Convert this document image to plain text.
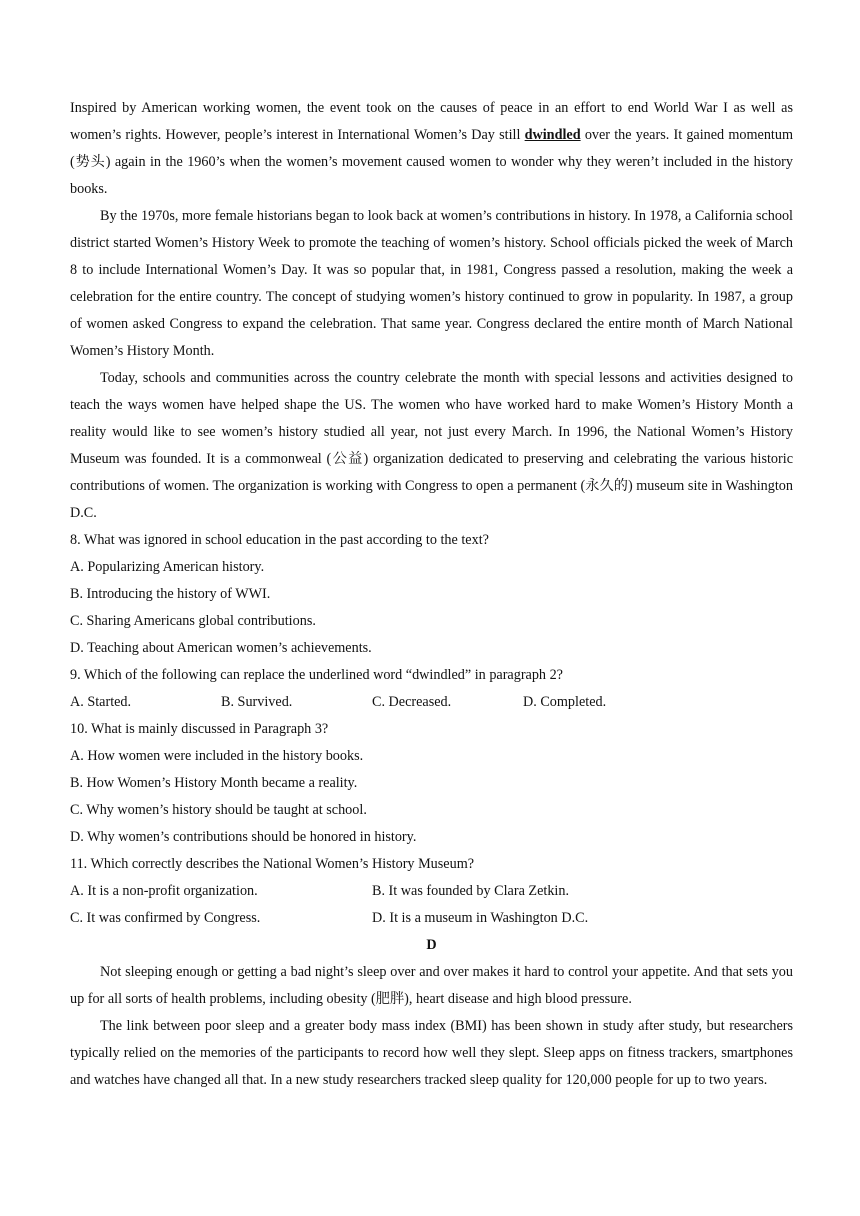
Inspired by American working women, the event took on the causes of peace in an effort to end World War I as well as women’s rights. However, people’s interest in International Women’s Day still dwindled over the years. It gained momentum (势头) again in the 1960’s when the women’s movement caused women to wonder why they weren’t included in the history books.

By the 1970s, more female historians began to look back at women’s contributions in history. In 1978, a California school district started Women’s History Week to promote the teaching of women’s history. School officials picked the week of March 8 to include International Women’s Day. It was so popular that, in 1981, Congress passed a resolution, making the week a celebration for the entire country. The concept of studying women’s history continued to grow in popularity. In 1987, a group of women asked Congress to expand the celebration. That same year. Congress declared the entire month of March National Women’s History Month.

Today, schools and communities across the country celebrate the month with special lessons and activities designed to teach the ways women have helped shape the US. The women who have worked hard to make Women’s History Month a reality would like to see women’s history studied all year, not just every March. In 1996, the National Women’s History Museum was founded. It is a commonweal (公益) organization dedicated to preserving and celebrating the various historic contributions of women. The organization is working with Congress to open a permanent (永久的) museum site in Washington D.C.

8. What was ignored in school education in the past according to the text?

A. Popularizing American history.

B. Introducing the history of WWI.

C. Sharing Americans global contributions.

D. Teaching about American women’s achievements.

9. Which of the following can replace the underlined word “dwindled” in paragraph 2?

A. Started.	B. Survived.	C. Decreased.	D. Completed.

10. What is mainly discussed in Paragraph 3?

A. How women were included in the history books.

B. How Women’s History Month became a reality.

C. Why women’s history should be taught at school.

D. Why women’s contributions should be honored in history.

11. Which correctly describes the National Women’s History Museum?

A. It is a non-profit organization.	B. It was founded by Clara Zetkin.
C. It was confirmed by Congress.	D. It is a museum in Washington D.C.

D

Not sleeping enough or getting a bad night’s sleep over and over makes it hard to control your appetite. And that sets you up for all sorts of health problems, including obesity (肥胖), heart disease and high blood pressure.

The link between poor sleep and a greater body mass index (BMI) has been shown in study after study, but researchers typically relied on the memories of the participants to record how well they slept. Sleep apps on fitness trackers, smartphones and watches have changed all that. In a new study researchers tracked sleep quality for 120,000 people for up to two years.
